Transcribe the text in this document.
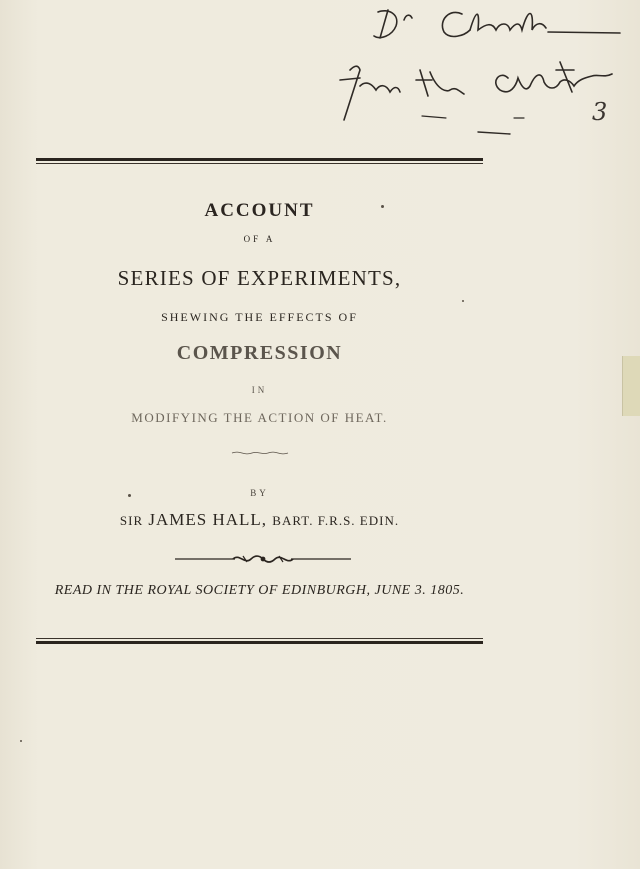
3
ACCOUNT
OF A
SERIES OF EXPERIMENTS,
SHEWING THE EFFECTS OF
COMPRESSION
IN
MODIFYING THE ACTION OF HEAT.
BY
SIR JAMES HALL, BART. F.R.S. EDIN.
READ IN THE ROYAL SOCIETY OF EDINBURGH, JUNE 3. 1805.
